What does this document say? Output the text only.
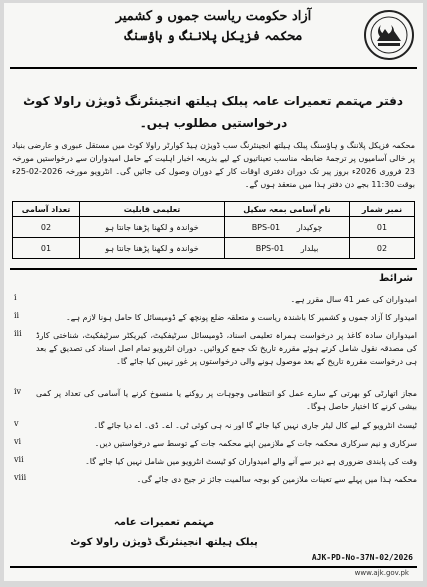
آزاد حکومت ریاست جموں و کشمیر
محکمہ فزیکل پلاننگ و ہاؤسنگ
دفتر مہتمم تعمیرات عامہ پبلک ہیلتھ انجینئرنگ ڈویژن راولا کوٹ
درخواستیں مطلوب ہیں۔
محکمہ فزیکل پلاننگ و ہاؤسنگ پبلک ہیلتھ انجینئرنگ سب ڈویژن ہیڈ کوارٹر راولا کوٹ میں مستقل عبوری و عارضی بنیاد پر خالی آسامیوں پر ترجمۂ ضابطہ مناسب تعیناتیوں کے لیے بذریعہ اخبار اہلیت کے حامل امیدواران سے درخواستیں مورخہ 23 فروری 2026ء بروز پیر تک دوران دفتری اوقات کار کے دوران وصول کی جائیں گی۔ انٹرویو مورخہ 2026-02-25ء بوقت 11:30 بجے دن دفتر ہذا میں منعقد ہوں گے۔
نمبر شمار	نام آسامی بمعہ سکیل	تعلیمی قابلیت	تعداد آسامی
01	چوکیدار BPS-01	خواندہ و لکھنا پڑھنا جانتا ہو	02
02	بیلدار BPS-01	خواندہ و لکھنا پڑھنا جانتا ہو	01
شرائط
i	امیدواران کی عمر 41 سال مقرر ہے۔
ii	امیدوار کا آزاد جموں و کشمیر کا باشندہ ریاست و متعلقہ ضلع پونچھ کے ڈومیسائل کا حامل ہونا لازم ہے۔
iii	امیدواران سادہ کاغذ پر درخواست ہمراہ تعلیمی اسناد، ڈومیسائل سرٹیفکیٹ، کیریکٹر سرٹیفکیٹ، شناختی کارڈ کی مصدقہ نقول شامل کرتے ہوئے مقررہ تاریخ تک جمع کروائیں۔ دوران انٹرویو تمام اصل اسناد کی تصدیق کے بعد ہی درخواست مقررہ تاریخ کے بعد موصول ہونے والی درخواستوں پر غور نہیں کیا جائے گا۔
iv	مجاز اتھارٹی کو بھرتی کے سارے عمل کو انتظامی وجوہات پر روکنے یا منسوخ کرنے یا آسامی کی تعداد پر کمی بیشی کرنے کا اختیار حاصل ہوگا۔
v	ٹیسٹ انٹرویو کے لیے کال لیٹر جاری نہیں کیا جائے گا اور نہ ہی کوئی ٹی۔ اے۔ ڈی۔ اے دیا جائے گا۔
vi	سرکاری و نیم سرکاری محکمہ جات کے ملازمین اپنے محکمہ جات کے توسط سے درخواستیں دیں۔
vii	وقت کی پابندی ضروری ہے دیر سے آنے والے امیدواران کو ٹیسٹ انٹرویو میں شامل نہیں کیا جائے گا۔
viii	محکمہ ہذا میں پہلے سے تعینات ملازمین کو بوجہ سالمیت جائز تر جیح دی جائے گی۔
مہتمم تعمیرات عامہ
پبلک ہیلتھ انجینئرنگ ڈویژن راولا کوٹ
AJK-PD-No-37N-02/2026
www.ajk.gov.pk
